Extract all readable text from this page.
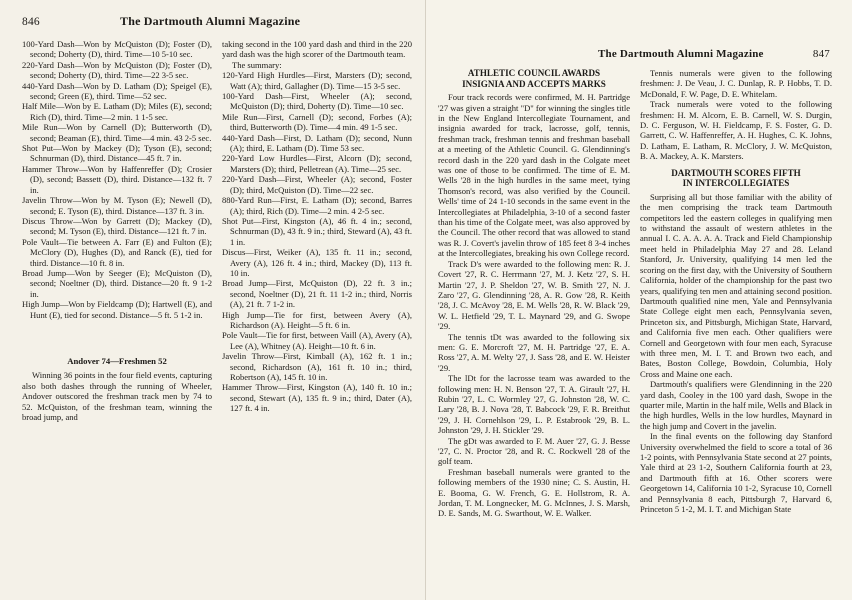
846	The Dartmouth Alumni Magazine

100-Yard Dash—Won by McQuiston (D); Foster (D), second; Doherty (D), third. Time—10 5-10 sec.

220-Yard Dash—Won by McQuiston (D); Foster (D), second; Doherty (D), third. Time—22 3-5 sec.

440-Yard Dash—Won by D. Latham (D); Speigel (E), second; Green (E), third. Time—52 sec.

Half Mile—Won by E. Latham (D); Miles (E), second; Rich (D), third. Time—2 min. 1 1-5 sec.

Mile Run—Won by Carnell (D); Butterworth (D), second; Beaman (E), third. Time—4 min. 43 2-5 sec.

Shot Put—Won by Mackey (D); Tyson (E), second; Schnurman (D), third. Distance—45 ft. 7 in.

Hammer Throw—Won by Haffenreffer (D); Crosier (D), second; Bassett (D), third. Distance—132 ft. 7 in.

Javelin Throw—Won by M. Tyson (E); Newell (D), second; E. Tyson (E), third. Distance—137 ft. 3 in.

Discus Throw—Won by Garrett (D); Mackey (D), second; M. Tyson (E), third. Distance—121 ft. 7 in.

Pole Vault—Tie between A. Farr (E) and Fulton (E); McClory (D), Hughes (D), and Ranck (E), tied for third. Distance—10 ft. 8 in.

Broad Jump—Won by Seeger (E); McQuiston (D), second; Noeltner (D), third. Distance—20 ft. 9 1-2 in.

High Jump—Won by Fieldcamp (D); Hartwell (E), and Hunt (E), tied for second. Distance—5 ft. 5 1-2 in.

Andover 74—Freshmen 52

Winning 36 points in the four field events, capturing also both dashes through the running of Wheeler, Andover outscored the freshman track men by 74 to 52. McQuiston, of the freshman team, winning the broad jump, and

taking second in the 100 yard dash and third in the 220 yard dash was the high scorer of the Dartmouth team.

The summary:

120-Yard High Hurdles—First, Marsters (D); second, Watt (A); third, Gallagher (D). Time—15 3-5 sec.

100-Yard Dash—First, Wheeler (A); second, McQuiston (D); third, Doherty (D). Time—10 sec.

Mile Run—First, Carnell (D); second, Forbes (A); third, Butterworth (D). Time—4 min. 49 1-5 sec.

440-Yard Dash—First, D. Latham (D); second, Nunn (A); third, E. Latham (D). Time 53 sec.

220-Yard Low Hurdles—First, Alcorn (D); second, Marsters (D); third, Pelletrean (A). Time—25 sec.

220-Yard Dash—First, Wheeler (A); second, Foster (D); third, McQuiston (D). Time—22 sec.

880-Yard Run—First, E. Latham (D); second, Barres (A); third, Rich (D). Time—2 min. 4 2-5 sec.

Shot Put—First, Kingston (A), 46 ft. 4 in.; second, Schnurman (D), 43 ft. 9 in.; third, Steward (A), 43 ft. 1 in.

Discus—First, Weiker (A), 135 ft. 11 in.; second, Avery (A), 126 ft. 4 in.; third, Mackey (D), 113 ft. 10 in.

Broad Jump—First, McQuiston (D), 22 ft. 3 in.; second, Noeltner (D), 21 ft. 11 1-2 in.; third, Norris (A), 21 ft. 7 1-2 in.

High Jump—Tie for first, between Avery (A), Richardson (A). Height—5 ft. 6 in.

Pole Vault—Tie for first, between Vaill (A), Avery (A), Lee (A), Whitney (A). Height—10 ft. 6 in.

Javelin Throw—First, Kimball (A), 162 ft. 1 in.; second, Richardson (A), 161 ft. 10 in.; third, Robertson (A), 145 ft. 10 in.

Hammer Throw—First, Kingston (A), 140 ft. 10 in.; second, Stewart (A), 135 ft. 9 in.; third, Dater (A), 127 ft. 4 in.

The Dartmouth Alumni Magazine	847
ATHLETIC COUNCIL AWARDS
INSIGNIA AND ACCEPTS MARKS

Four track records were confirmed, M. H. Partridge '27 was given a straight "D" for winning the singles title in the New England Intercollegiate Tournament, and insignia awarded for track, lacrosse, golf, tennis, freshman track, freshman tennis and freshman baseball at a meeting of the Athletic Council. G. Glendinning's record dash in the 220 yard dash in the Colgate meet was one of those to be confirmed. The time of E. M. Wells '28 in the high hurdles in the same meet, tying Thomson's record, was also verified by the Council. Wells' time of 24 1-10 seconds in the same event in the Intercollegiates at Philadelphia, 3-10 of a second faster than his time of the Colgate meet, was also approved by the Council. The other record that was allowed to stand was R. J. Covert's javelin throw of 185 feet 8 3-4 inches at the Intercollegiates, breaking his own College record.

Track D's were awarded to the following men: R. J. Covert '27, R. C. Herrmann '27, M. J. Ketz '27, S. H. Martin '27, J. P. Sheldon '27, W. B. Smith '27, N. J. Zaro '27, G. Glendinning '28, A. R. Gow '28, R. Keith '28, J. C. McAvoy '28, E. M. Wells '28, R. W. Black '29, W. L. Hetfield '29, T. L. Maynard '29, and G. Swope '29.

The tennis tDt was awarded to the following six men: G. E. Morcroft '27, M. H. Partridge '27, E. A. Ross '27, A. M. Welty '27, J. Sass '28, and E. W. Heister '29.

The lDt for the lacrosse team was awarded to the following men: H. N. Benson '27, T. A. Girault '27, H. Rubin '27, L. C. Wormley '27, G. Johnston '28, W. C. Lary '28, B. J. Nova '28, T. Babcock '29, F. R. Breithut '29, J. H. Cornehlson '29, L. P. Estabrook '29, B. L. Johnston '29, J. H. Stickler '29.

The gDt was awarded to F. M. Auer '27, G. J. Besse '27, C. N. Proctor '28, and R. C. Rockwell '28 of the golf team.

Freshman baseball numerals were granted to the following members of the 1930 nine; C. S. Austin, H. E. Booma, G. W. French, G. E. Hollstrom, R. A. Jordan, T. M. Longnecker, M. G. McInnes, J. S. Marsh, D. E. Sands, M. G. Swarthout, W. E. Walker.

Tennis numerals were given to the following freshmen: J. De Veau, J. C. Dunlap, R. P. Hobbs, T. D. McDonald, F. W. Page, D. E. Whitelam.

Track numerals were voted to the following freshmen: H. M. Alcorn, E. B. Carnell, W. S. Durgin, D. C. Ferguson, W. H. Fieldcamp, F. S. Foster, G. D. Garrett, C. W. Haffenreffer, A. H. Hughes, C. K. Johns, D. Latham, E. Latham, R. McClory, J. W. McQuiston, B. A. Mackey, A. K. Marsters.

DARTMOUTH SCORES FIFTH
IN INTERCOLLEGIATES

Surprising all but those familiar with the ability of the men comprising the track team Dartmouth competitors led the eastern colleges in qualifying men to withstand the assault of western athletes in the annual I. C. A. A. A. A. Track and Field Championship meet held in Philadelphia May 27 and 28. Leland Stanford, Jr. University, qualifying 14 men led the scoring on the first day, with the University of Southern California, holder of the championship for the past two years, qualifying ten men and attaining second position. Dartmouth qualified nine men, Yale and Pennsylvania State College eight men each, Pennsylvania seven, Princeton six, and Pittsburgh, Michigan State, Harvard, and California five men each. Other qualifiers were Cornell and Georgetown with four men each, Syracuse with three men, M. I. T. and Brown two each, and Bates, Boston College, Bowdoin, Columbia, Holy Cross and Maine one each.

Dartmouth's qualifiers were Glendinning in the 220 yard dash, Cooley in the 100 yard dash, Swope in the quarter mile, Martin in the half mile, Wells and Black in the high hurdles, Wells in the low hurdles, Maynard in the high jump and Covert in the javelin.

In the final events on the following day Stanford University overwhelmed the field to score a total of 36 1-2 points, with Pennsylvania State second at 27 points, Yale third at 23 1-2, Southern California fourth at 23, and Dartmouth fifth at 16. Other scorers were Georgetown 14, California 10 1-2, Syracuse 10, Cornell and Pennsylvania 8 each, Pittsburgh 7, Harvard 6, Princeton 5 1-2, M. I. T. and Michigan State
